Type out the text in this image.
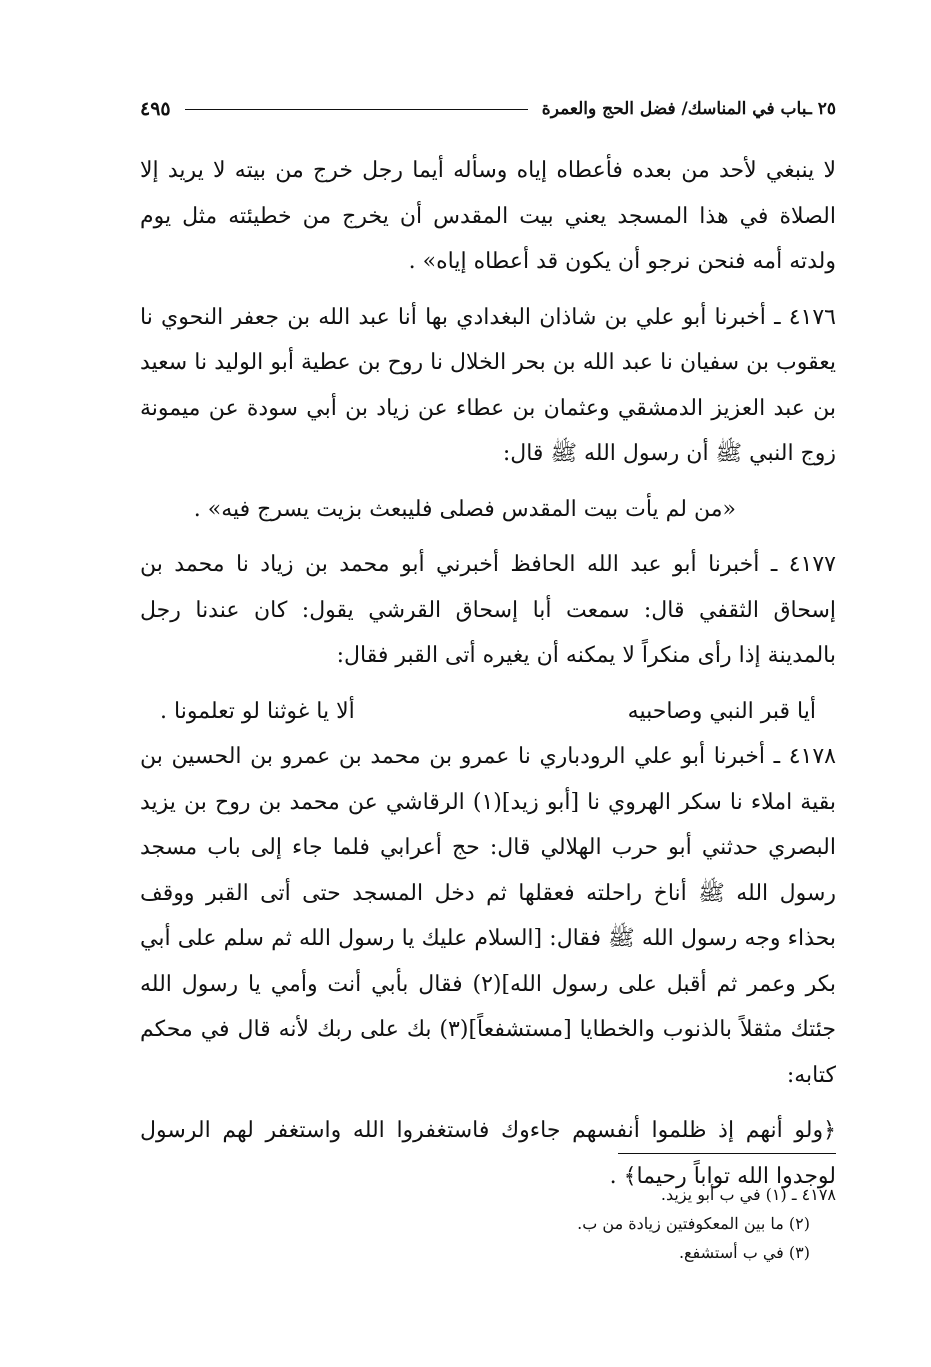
٢٥ ـباب في المناسك/ فضل الحج والعمرة
٤٩٥

لا ينبغي لأحد من بعده فأعطاه إياه وسأله أيما رجل خرج من بيته لا يريد إلا الصلاة في هذا المسجد يعني بيت المقدس أن يخرج من خطيئته مثل يوم ولدته أمه فنحن نرجو أن يكون قد أعطاه إياه» .

٤١٧٦ ـ أخبرنا أبو علي بن شاذان البغدادي بها أنا عبد الله بن جعفر النحوي نا يعقوب بن سفيان نا عبد الله بن بحر الخلال نا روح بن عطية أبو الوليد نا سعيد بن عبد العزيز الدمشقي وعثمان بن عطاء عن زياد بن أبي سودة عن ميمونة زوج النبي ﷺ أن رسول الله ﷺ قال:

«من لم يأت بيت المقدس فصلى فليبعث بزيت يسرج فيه» .

٤١٧٧ ـ أخبرنا أبو عبد الله الحافظ أخبرني أبو محمد بن زياد نا محمد بن إسحاق الثقفي قال: سمعت أبا إسحاق القرشي يقول: كان عندنا رجل بالمدينة إذا رأى منكراً لا يمكنه أن يغيره أتى القبر فقال:

أيا قبر النبي وصاحبيه
ألا يا غوثنا لو تعلمونا .

٤١٧٨ ـ أخبرنا أبو علي الرودباري نا عمرو بن محمد بن عمرو بن الحسين بن بقية املاء نا سكر الهروي نا [أبو زيد](١) الرقاشي عن محمد بن روح بن يزيد البصري حدثني أبو حرب الهلالي قال: حج أعرابي فلما جاء إلى باب مسجد رسول الله ﷺ أناخ راحلته فعقلها ثم دخل المسجد حتى أتى القبر ووقف بحذاء وجه رسول الله ﷺ فقال: [السلام عليك يا رسول الله ثم سلم على أبي بكر وعمر ثم أقبل على رسول الله](٢) فقال بأبي أنت وأمي يا رسول الله جئتك مثقلاً بالذنوب والخطايا [مستشفعاً](٣) بك على ربك لأنه قال في محكم كتابه:

﴿ولو أنهم إذ ظلموا أنفسهم جاءوك فاستغفروا الله واستغفر لهم الرسول لوجدوا الله تواباً رحيما﴾ .

٤١٧٨ ـ (١) في ب أبو يزيد.
(٢) ما بين المعكوفتين زيادة من ب.
(٣) في ب أستشفع.
